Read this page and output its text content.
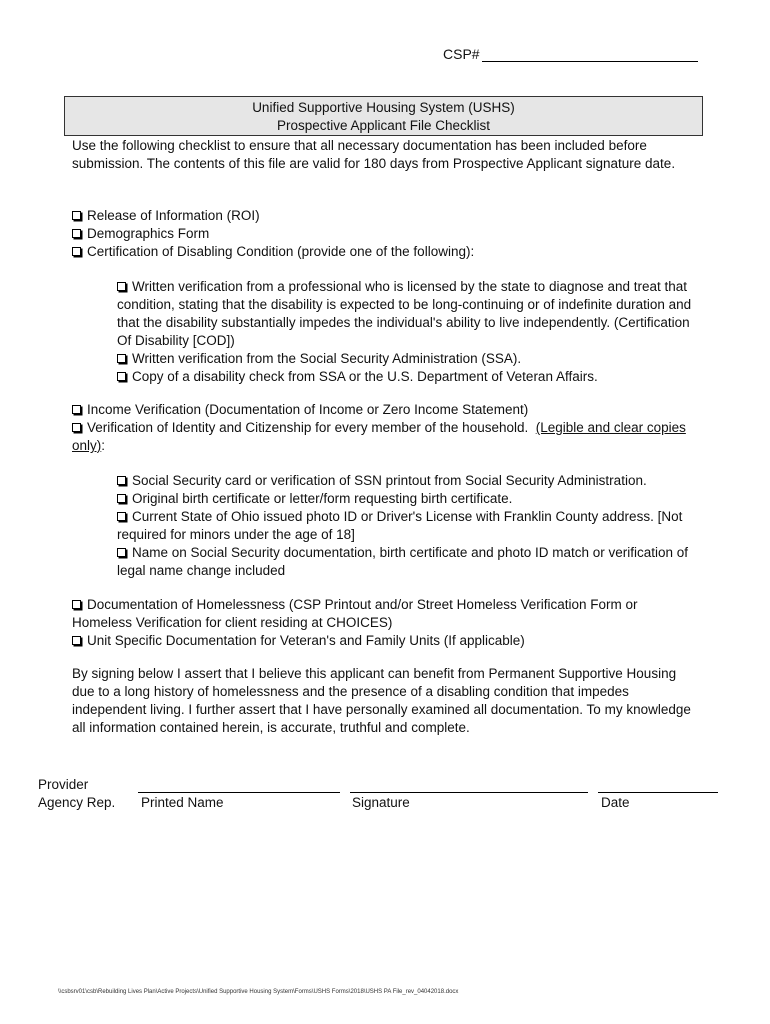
CSP#
Unified Supportive Housing System (USHS)
Prospective Applicant File Checklist
Use the following checklist to ensure that all necessary documentation has been included before submission. The contents of this file are valid for 180 days from Prospective Applicant signature date.
Release of Information (ROI)
Demographics Form
Certification of Disabling Condition (provide one of the following):
Written verification from a professional who is licensed by the state to diagnose and treat that condition, stating that the disability is expected to be long-continuing or of indefinite duration and that the disability substantially impedes the individual's ability to live independently. (Certification Of Disability [COD])
Written verification from the Social Security Administration (SSA).
Copy of a disability check from SSA or the U.S. Department of Veteran Affairs.
Income Verification (Documentation of Income or Zero Income Statement)
Verification of Identity and Citizenship for every member of the household. (Legible and clear copies only):
Social Security card or verification of SSN printout from Social Security Administration.
Original birth certificate or letter/form requesting birth certificate.
Current State of Ohio issued photo ID or Driver's License with Franklin County address. [Not required for minors under the age of 18]
Name on Social Security documentation, birth certificate and photo ID match or verification of legal name change included
Documentation of Homelessness (CSP Printout and/or Street Homeless Verification Form or Homeless Verification for client residing at CHOICES)
Unit Specific Documentation for Veteran's and Family Units (If applicable)
By signing below I assert that I believe this applicant can benefit from Permanent Supportive Housing due to a long history of homelessness and the presence of a disabling condition that impedes independent living. I further assert that I have personally examined all documentation. To my knowledge all information contained herein, is accurate, truthful and complete.
Provider
Agency Rep. Printed Name	Signature	Date
\\csbsrv01\csb\Rebuilding Lives Plan\Active Projects\Unified Supportive Housing System\Forms\USHS Forms\2018\USHS PA File_rev_04042018.docx
